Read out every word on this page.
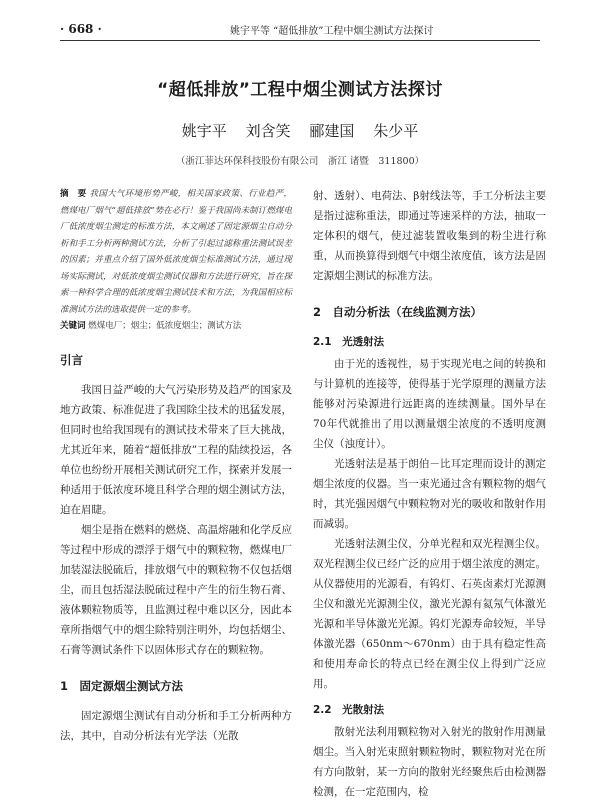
· 668 ·	姚宇平等 “超低排放”工程中烟尘测试方法探讨
“超低排放”工程中烟尘测试方法探讨
姚宇平 刘含笑 郦建国 朱少平
（浙江菲达环保科技股份有限公司　浙江 诸暨　311800）
摘　要 我国大气环境形势严峻，相关国家政策、行业趋严，燃煤电厂烟气“超低排放”势在必行！鉴于我国尚未制订燃煤电厂低浓度烟尘测定的标准方法，本文阐述了固定源烟尘自动分析和手工分析两种测试方法，分析了引起过滤称重法测试误差的因素；并重点介绍了国外低浓度烟尘标准测试方法，通过现场实际测试，对低浓度烟尘测试仪器和方法进行研究，旨在探索一种科学合理的低浓度烟尘测试技术和方法，为我国相应标准测试方法的选取提供一定的参考。
关键词 燃煤电厂；烟尘；低浓度烟尘；测试方法
引言

我国日益严峻的大气污染形势及趋严的国家及地方政策、标准促进了我国除尘技术的迅猛发展，但同时也给我国现有的测试技术带来了巨大挑战，尤其近年来，随着“超低排放”工程的陆续投运，各单位也纷纷开展相关测试研究工作，探索并发展一种适用于低浓度环境且科学合理的烟尘测试方法，迫在眉睫。

烟尘是指在燃料的燃烧、高温熔融和化学反应等过程中形成的漂浮于烟气中的颗粒物，燃煤电厂加装湿法脱硫后，排放烟气中的颗粒物不仅包括烟尘，而且包括湿法脱硫过程中产生的衍生物石膏、液体颗粒物质等，且监测过程中难以区分，因此本章所指烟气中的烟尘除特别注明外，均包括烟尘、石膏等测试条件下以固体形式存在的颗粒物。

1　固定源烟尘测试方法

固定源烟尘测试有自动分析和手工分析两种方法，其中，自动分析法有光学法（光散

射、透射）、电荷法、β射线法等，手工分析法主要是指过滤称重法，即通过等速采样的方法，抽取一定体积的烟气，使过滤装置收集到的粉尘进行称重，从而换算得到烟气中烟尘浓度值，该方法是固定源烟尘测试的标准方法。

2　自动分析法（在线监测方法）
2.1　光透射法

由于光的透视性，易于实现光电之间的转换和与计算机的连接等，使得基于光学原理的测量方法能够对污染源进行远距离的连续测量。国外早在70年代就推出了用以测量烟尘浓度的不透明度测尘仪（浊度计）。

光透射法是基于朗伯－比耳定理而设计的测定烟尘浓度的仪器。当一束光通过含有颗粒物的烟气时，其光强因烟气中颗粒物对光的吸收和散射作用而减弱。

光透射法测尘仪，分单光程和双光程测尘仪。双光程测尘仪已经广泛的应用于烟尘浓度的测定。从仪器使用的光源看，有钨灯、石英卤素灯光源测尘仪和激光光源测尘仪，激光光源有氦氖气体激光光源和半导体激光光源。钨灯光源寿命较短，半导体激光器（650nm～670nm）由于具有稳定性高和使用寿命长的特点已经在测尘仪上得到广泛应用。

2.2　光散射法

散射光法利用颗粒物对入射光的散射作用测量烟尘。当入射光束照射颗粒物时，颗粒物对光在所有方向散射，某一方向的散射光经聚焦后由检测器检测，在一定范围内，检
